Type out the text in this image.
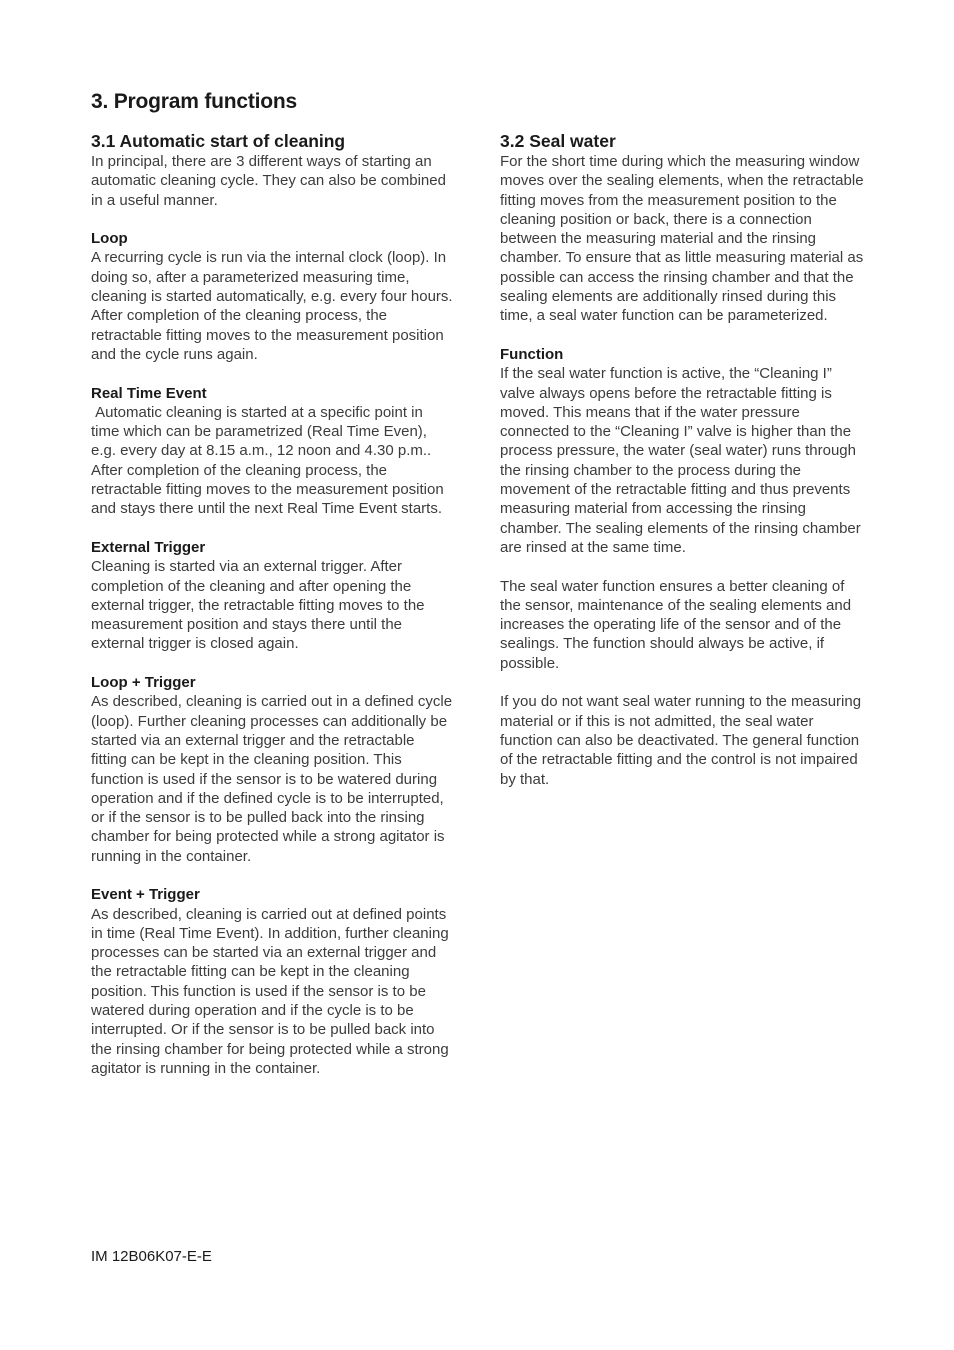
3. Program functions
3.1 Automatic start of cleaning

In principal, there are 3 different ways of starting an automatic cleaning cycle. They can also be combined in a useful manner.

Loop

A recurring cycle is run via the internal clock (loop). In doing so, after a parameterized measuring time, cleaning is started automatically, e.g. every four hours. After completion of the cleaning process, the retractable fitting moves to the measurement position and the cycle runs again.

Real Time Event

Automatic cleaning is started at a specific point in time which can be parametrized (Real Time Even), e.g. every day at 8.15 a.m., 12 noon and 4.30 p.m.. After completion of the cleaning process, the retractable fitting moves to the measurement position and stays there until the next Real Time Event starts.

External Trigger

Cleaning is started via an external trigger. After completion of the cleaning and after opening the external trigger, the retractable fitting moves to the measurement position and stays there until the external trigger is closed again.

Loop + Trigger

As described, cleaning is carried out in a defined cycle (loop). Further cleaning processes can additionally be started via an external trigger and the retractable fitting can be kept in the cleaning position. This function is used if the sensor is to be watered during operation and if the defined cycle is to be interrupted, or if the sensor is to be pulled back into the rinsing chamber for being protected while a strong agitator is running in the container.

Event + Trigger

As described, cleaning is carried out at defined points in time (Real Time Event). In addition, further cleaning processes can be started via an external trigger and the retractable fitting can be kept in the cleaning position. This function is used if the sensor is to be watered during operation and if the cycle is to be interrupted. Or if the sensor is to be pulled back into the rinsing chamber for being protected while a strong agitator is running in the container.

3.2 Seal water

For the short time during which the measuring window moves over the sealing elements, when the retractable fitting moves from the measurement position to the cleaning position or back, there is a connection between the measuring material and the rinsing chamber. To ensure that as little measuring material as possible can access the rinsing chamber and that the sealing elements are additionally rinsed during this time, a seal water function can be parameterized.

Function

If the seal water function is active, the “Cleaning I” valve always opens before the retractable fitting is moved. This means that if the water pressure connected to the “Cleaning I” valve is higher than the process pressure, the water (seal water) runs through the rinsing chamber to the process during the movement of the retractable fitting and thus prevents measuring material from accessing the rinsing chamber. The sealing elements of the rinsing chamber are rinsed at the same time.

The seal water function ensures a better cleaning of the sensor, maintenance of the sealing elements and increases the operating life of the sensor and of the sealings. The function should always be active, if possible.

If you do not want seal water running to the measuring material or if this is not admitted, the seal water function can also be deactivated. The general function of the retractable fitting and the control is not impaired by that.

IM 12B06K07-E-E
